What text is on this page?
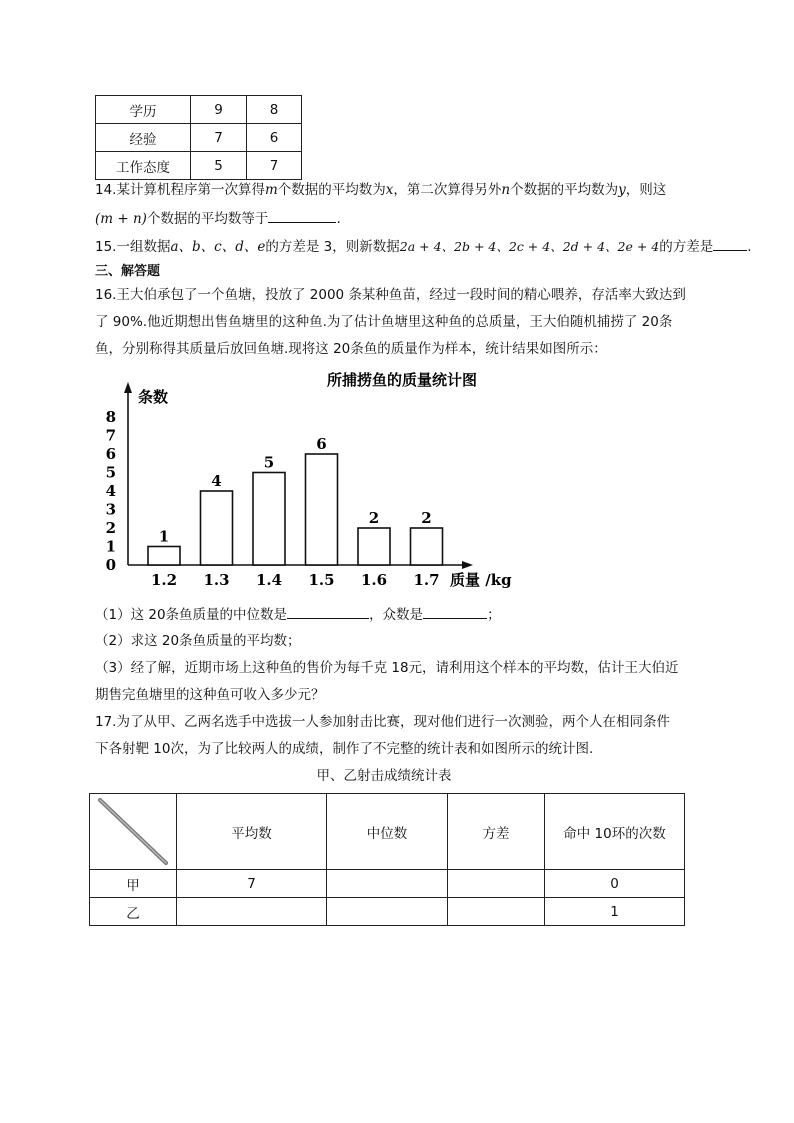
学历	9	8
经验	7	6
工作态度	5	7
14.某计算机程序第一次算得m个数据的平均数为x，第二次算得另外n个数据的平均数为y，则这
(m + n)个数据的平均数等于	.
15.一组数据a、b、c、d、e的方差是 3，则新数据2a + 4、2b + 4、2c + 4、2d + 4、2e + 4的方差是	.
三、解答题
16.王大伯承包了一个鱼塘，投放了 2000 条某种鱼苗，经过一段时间的精心喂养，存活率大致达到
了 90%.他近期想出售鱼塘里的这种鱼.为了估计鱼塘里这种鱼的总质量，王大伯随机捕捞了 20条
鱼，分别称得其质量后放回鱼塘.现将这 20条鱼的质量作为样本，统计结果如图所示：
所捕捞鱼的质量统计图
条数
质量 /kg
0
1
2
3
4
5
6
7
8
1
1.2
4
1.3
5
1.4
6
1.5
2
1.6
2
1.7
（1）这 20条鱼质量的中位数是	，众数是	；
（2）求这 20条鱼质量的平均数；
（3）经了解，近期市场上这种鱼的售价为每千克 18元，请利用这个样本的平均数，估计王大伯近
期售完鱼塘里的这种鱼可收入多少元？
17.为了从甲、乙两名选手中选拔一人参加射击比赛，现对他们进行一次测验，两个人在相同条件
下各射靶 10次，为了比较两人的成绩，制作了不完整的统计表和如图所示的统计图.
甲、乙射击成绩统计表
	平均数	中位数	方差	命中 10环的次数
甲	7			0
乙				1
